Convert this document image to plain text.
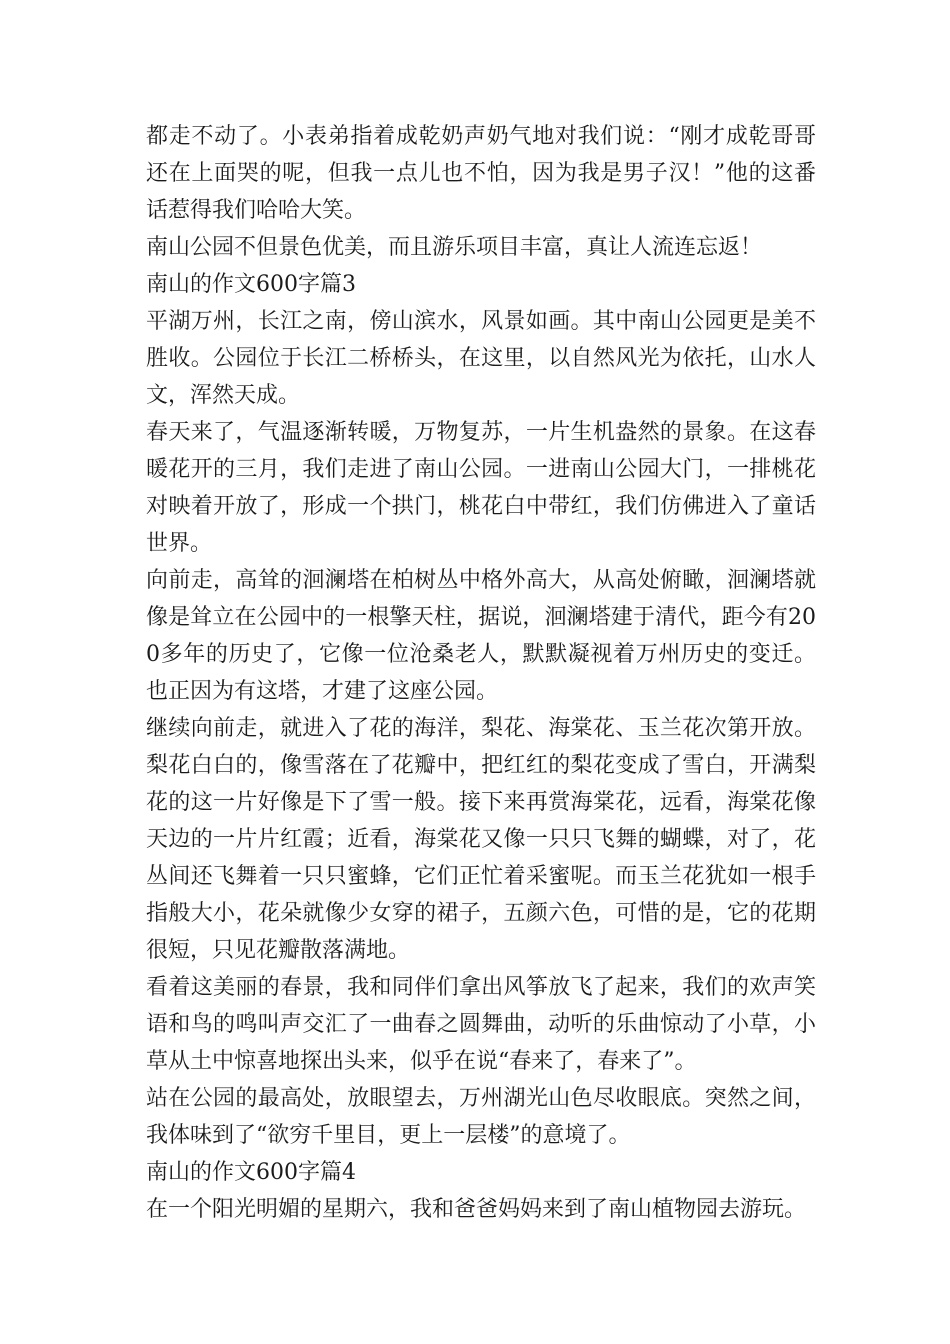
都走不动了。小表弟指着成乾奶声奶气地对我们说：“刚才成乾哥哥还在上面哭的呢，但我一点儿也不怕，因为我是男子汉！”他的这番话惹得我们哈哈大笑。

南山公园不但景色优美，而且游乐项目丰富，真让人流连忘返！

南山的作文600字篇3

平湖万州，长江之南，傍山滨水，风景如画。其中南山公园更是美不胜收。公园位于长江二桥桥头，在这里，以自然风光为依托，山水人文，浑然天成。

春天来了，气温逐渐转暖，万物复苏，一片生机盎然的景象。在这春暖花开的三月，我们走进了南山公园。一进南山公园大门，一排桃花对映着开放了，形成一个拱门，桃花白中带红，我们仿佛进入了童话世界。

向前走，高耸的洄澜塔在柏树丛中格外高大，从高处俯瞰，洄澜塔就像是耸立在公园中的一根擎天柱，据说，洄澜塔建于清代，距今有200多年的历史了，它像一位沧桑老人，默默凝视着万州历史的变迁。也正因为有这塔，才建了这座公园。

继续向前走，就进入了花的海洋，梨花、海棠花、玉兰花次第开放。梨花白白的，像雪落在了花瓣中，把红红的梨花变成了雪白，开满梨花的这一片好像是下了雪一般。接下来再赏海棠花，远看，海棠花像天边的一片片红霞；近看，海棠花又像一只只飞舞的蝴蝶，对了，花丛间还飞舞着一只只蜜蜂，它们正忙着采蜜呢。而玉兰花犹如一根手指般大小，花朵就像少女穿的裙子，五颜六色，可惜的是，它的花期很短，只见花瓣散落满地。

看着这美丽的春景，我和同伴们拿出风筝放飞了起来，我们的欢声笑语和鸟的鸣叫声交汇了一曲春之圆舞曲，动听的乐曲惊动了小草，小草从土中惊喜地探出头来，似乎在说“春来了，春来了”。

站在公园的最高处，放眼望去，万州湖光山色尽收眼底。突然之间，我体味到了“欲穷千里目，更上一层楼”的意境了。

南山的作文600字篇4

在一个阳光明媚的星期六，我和爸爸妈妈来到了南山植物园去游玩。
